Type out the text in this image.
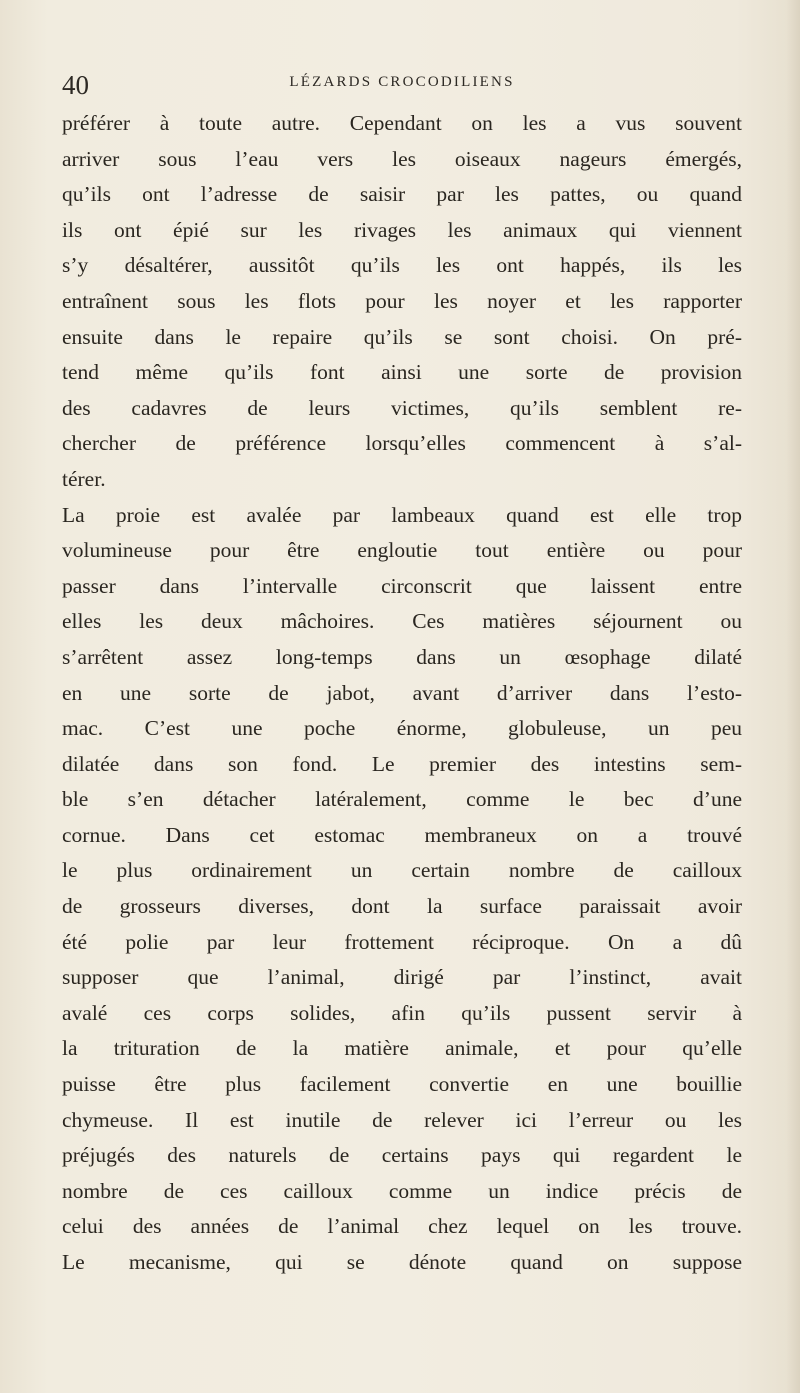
40	LÉZARDS CROCODILIENS
préférer à toute autre. Cependant on les a vus souvent
arriver sous l’eau vers les oiseaux nageurs émergés,
qu’ils ont l’adresse de saisir par les pattes, ou quand
ils ont épié sur les rivages les animaux qui viennent
s’y désaltérer, aussitôt qu’ils les ont happés, ils les
entraînent sous les flots pour les noyer et les rapporter
ensuite dans le repaire qu’ils se sont choisi. On pré-
tend même qu’ils font ainsi une sorte de provision
des cadavres de leurs victimes, qu’ils semblent re-
chercher de préférence lorsqu’elles commencent à s’al-
térer.
La proie est avalée par lambeaux quand est elle trop
volumineuse pour être engloutie tout entière ou pour
passer dans l’intervalle circonscrit que laissent entre
elles les deux mâchoires. Ces matières séjournent ou
s’arrêtent assez long-temps dans un œsophage dilaté
en une sorte de jabot, avant d’arriver dans l’esto-
mac. C’est une poche énorme, globuleuse, un peu
dilatée dans son fond. Le premier des intestins sem-
ble s’en détacher latéralement, comme le bec d’une
cornue. Dans cet estomac membraneux on a trouvé
le plus ordinairement un certain nombre de cailloux
de grosseurs diverses, dont la surface paraissait avoir
été polie par leur frottement réciproque. On a dû
supposer que l’animal, dirigé par l’instinct, avait
avalé ces corps solides, afin qu’ils pussent servir à
la trituration de la matière animale, et pour qu’elle
puisse être plus facilement convertie en une bouillie
chymeuse. Il est inutile de relever ici l’erreur ou les
préjugés des naturels de certains pays qui regardent le
nombre de ces cailloux comme un indice précis de
celui des années de l’animal chez lequel on les trouve.
Le mecanisme, qui se dénote quand on suppose
